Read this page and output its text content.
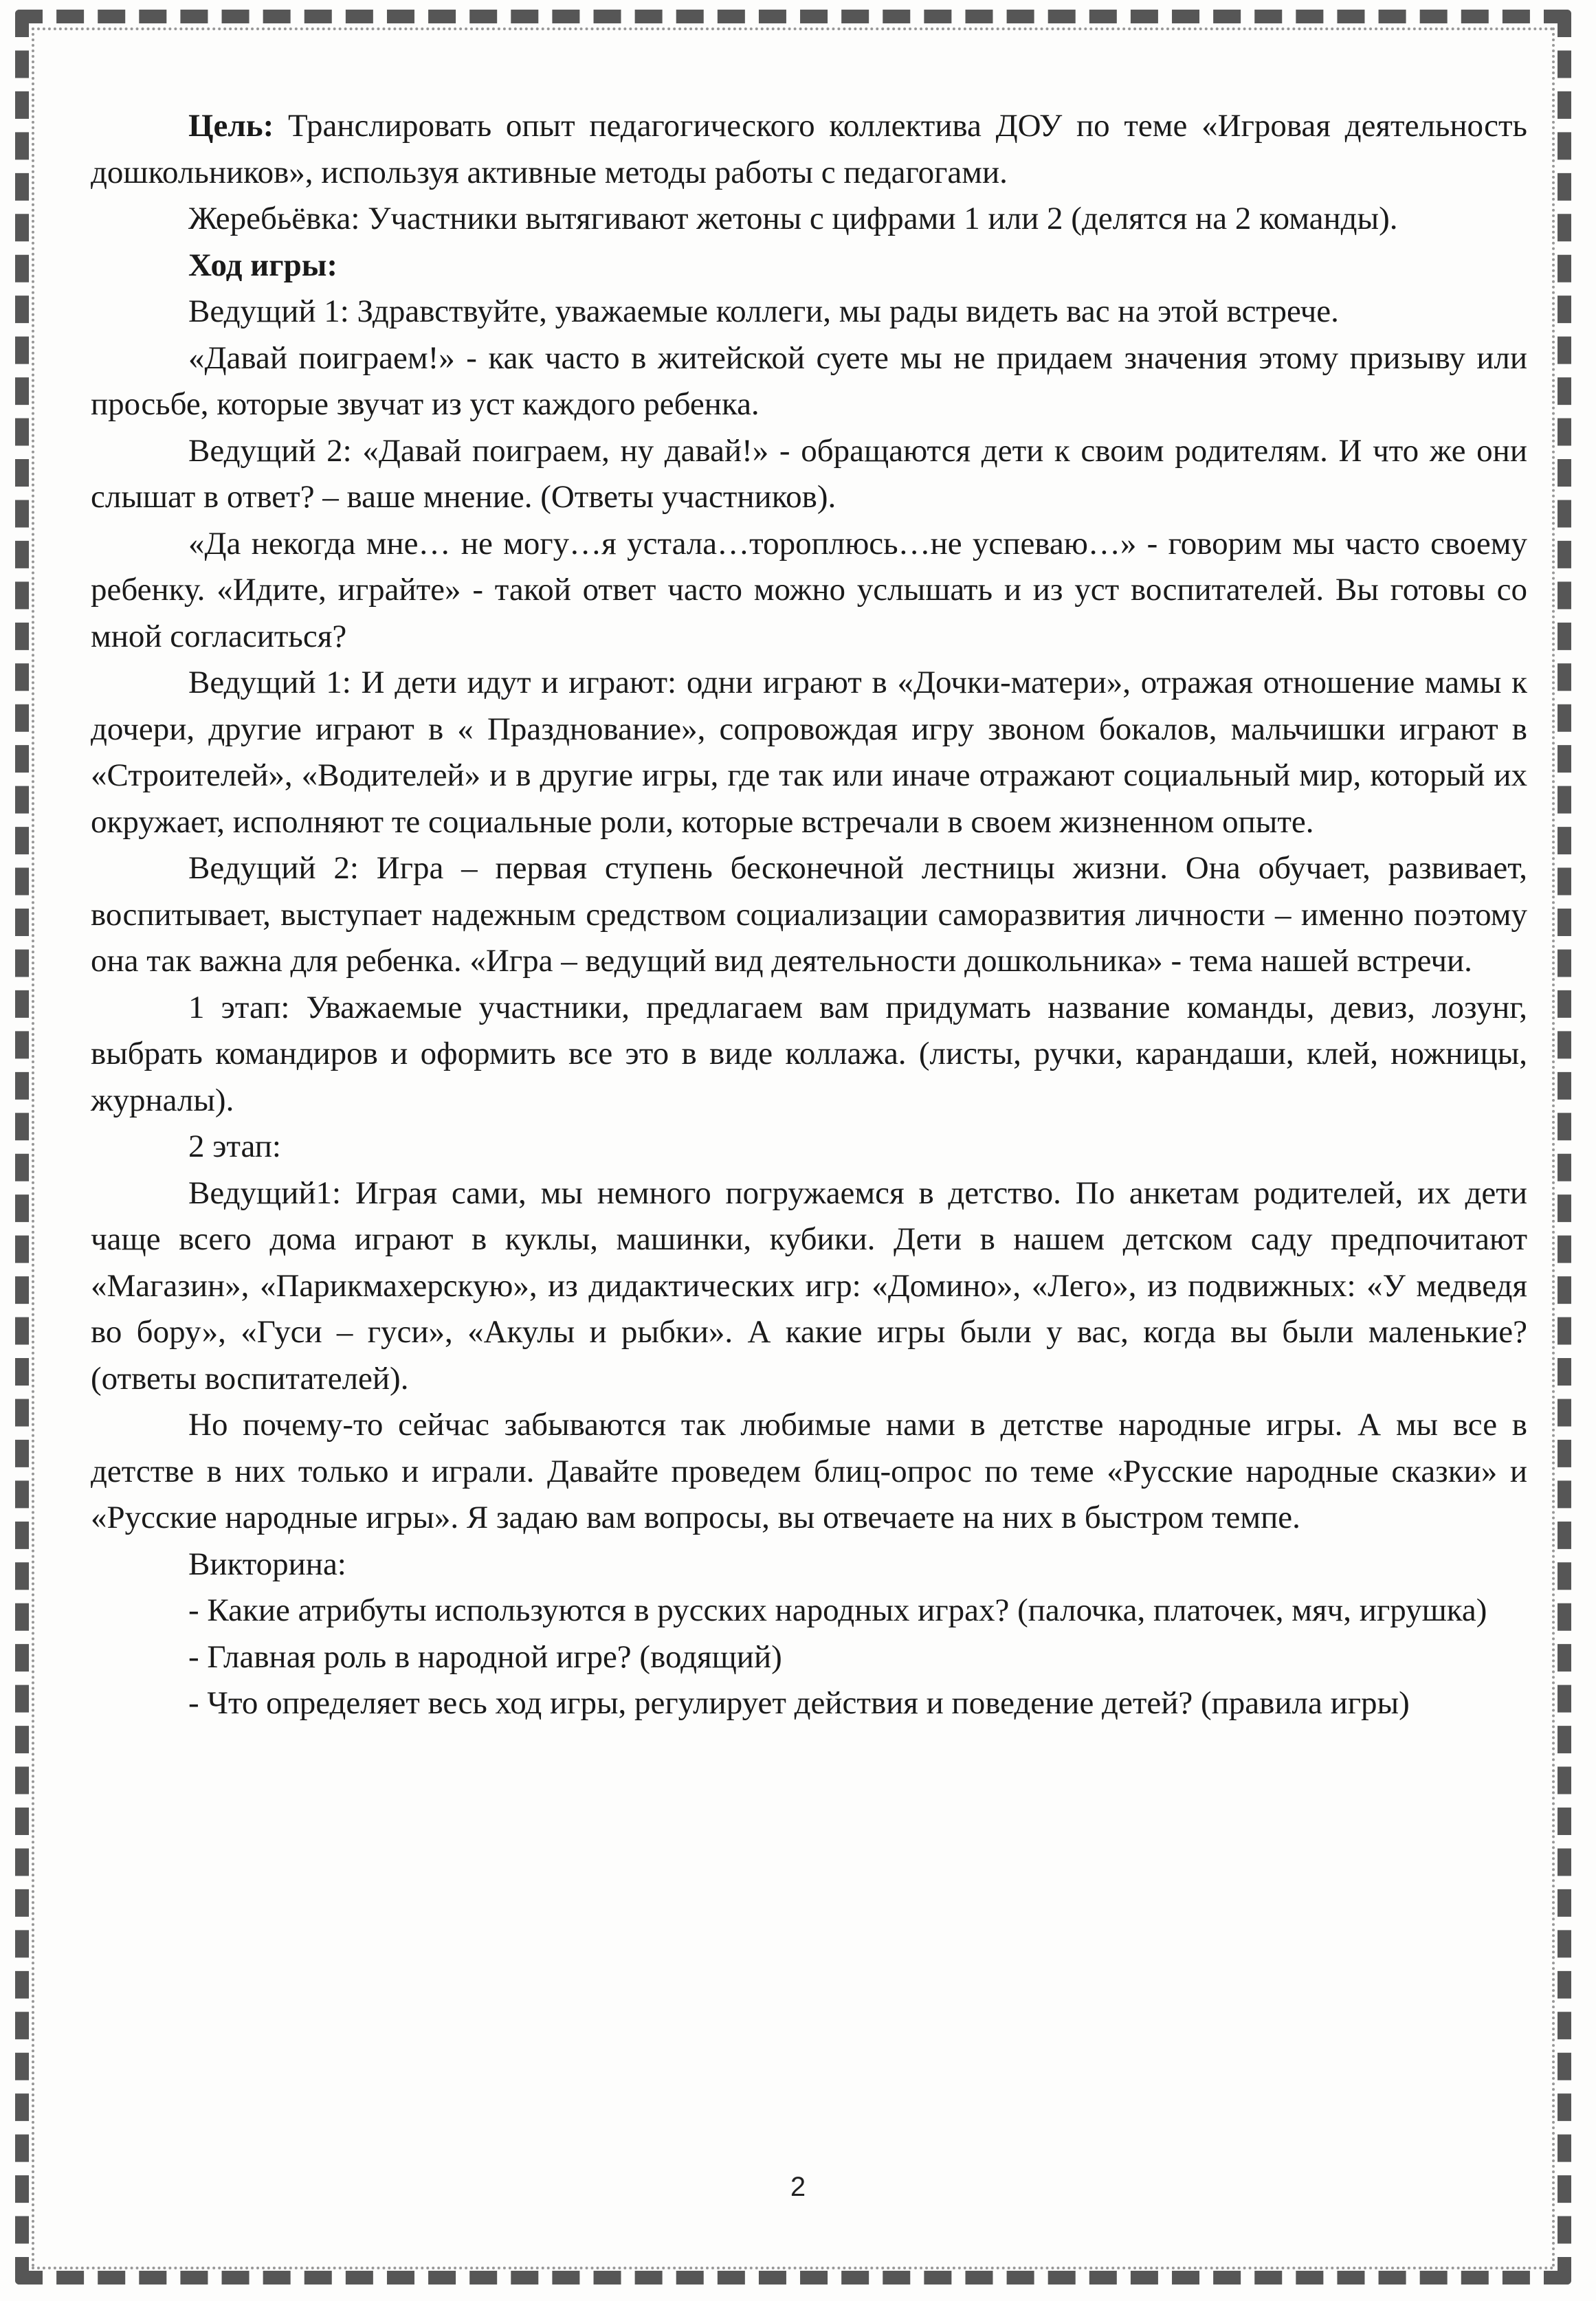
Цель: Транслировать опыт педагогического коллектива ДОУ по теме «Игровая деятельность дошкольников», используя активные методы работы с педагогами.

Жеребьёвка: Участники вытягивают жетоны с цифрами 1 или 2 (делятся на 2 команды).

Ход игры:

Ведущий 1: Здравствуйте, уважаемые коллеги, мы рады видеть вас на этой встрече.

«Давай поиграем!» - как часто в житейской суете мы не придаем значения этому призыву или просьбе, которые звучат из уст каждого ребенка.

Ведущий 2: «Давай поиграем, ну давай!» - обращаются дети к своим родителям. И что же они слышат в ответ? – ваше мнение. (Ответы участников).

«Да некогда мне… не могу…я устала…тороплюсь…не успеваю…» - говорим мы часто своему ребенку. «Идите, играйте» - такой ответ часто можно услышать и из уст воспитателей. Вы готовы со мной согласиться?

Ведущий 1: И дети идут и играют: одни играют в «Дочки-матери», отражая отношение мамы к дочери, другие играют в « Празднование», сопровождая игру звоном бокалов, мальчишки играют в «Строителей», «Водителей» и в другие игры, где так или иначе отражают социальный мир, который их окружает, исполняют те социальные роли, которые встречали в своем жизненном опыте.

Ведущий 2: Игра – первая ступень бесконечной лестницы жизни. Она обучает, развивает, воспитывает, выступает надежным средством социализации саморазвития личности – именно поэтому она так важна для ребенка. «Игра – ведущий вид деятельности дошкольника» - тема нашей встречи.

1 этап: Уважаемые участники, предлагаем вам придумать название команды, девиз, лозунг, выбрать командиров и оформить все это в виде коллажа. (листы, ручки, карандаши, клей, ножницы, журналы).

2 этап:

Ведущий1: Играя сами, мы немного погружаемся в детство. По анкетам родителей, их дети чаще всего дома играют в куклы, машинки, кубики. Дети в нашем детском саду предпочитают «Магазин», «Парикмахерскую», из дидактических игр: «Домино», «Лего», из подвижных: «У медведя во бору», «Гуси – гуси», «Акулы и рыбки». А какие игры были у вас, когда вы были маленькие? (ответы воспитателей).

Но почему-то сейчас забываются так любимые нами в детстве народные игры. А мы все в детстве в них только и играли. Давайте проведем блиц-опрос по теме «Русские народные сказки» и «Русские народные игры». Я задаю вам вопросы, вы отвечаете на них в быстром темпе.

Викторина:

- Какие атрибуты используются в русских народных играх? (палочка, платочек, мяч, игрушка)

- Главная роль в народной игре? (водящий)

- Что определяет весь ход игры, регулирует действия и поведение детей? (правила игры)

2
